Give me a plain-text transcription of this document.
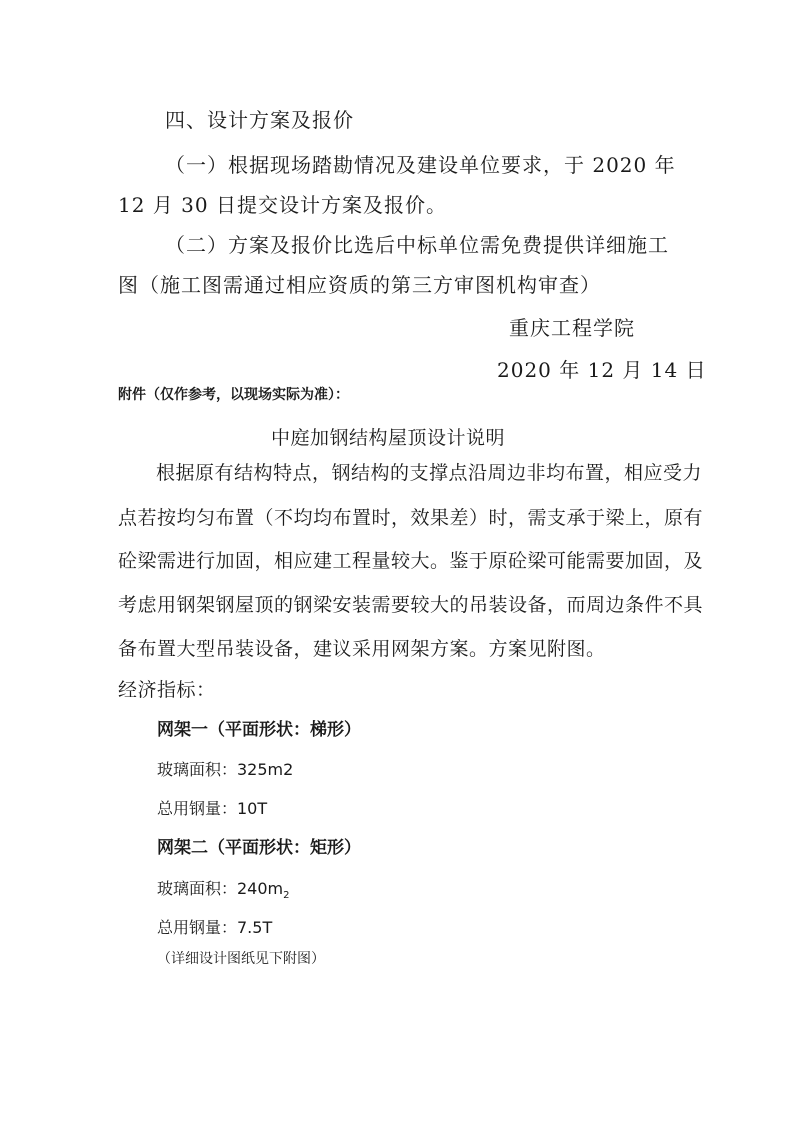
四、设计方案及报价
（一）根据现场踏勘情况及建设单位要求，于 2020 年
12 月 30 日提交设计方案及报价。
（二）方案及报价比选后中标单位需免费提供详细施工
图（施工图需通过相应资质的第三方审图机构审查）
重庆工程学院
2020 年 12 月 14 日
附件（仅作参考，以现场实际为准）：
中庭加钢结构屋顶设计说明
根据原有结构特点，钢结构的支撑点沿周边非均布置，相应受力
点若按均匀布置（不均均布置时，效果差）时，需支承于梁上，原有
砼梁需进行加固，相应建工程量较大。鉴于原砼梁可能需要加固，及
考虑用钢架钢屋顶的钢梁安装需要较大的吊装设备，而周边条件不具
备布置大型吊装设备，建议采用网架方案。方案见附图。
经济指标：
网架一（平面形状：梯形）
玻璃面积：325m2
总用钢量：10T
网架二（平面形状：矩形）
玻璃面积：$240m_2$
总用钢量：7.5T
（详细设计图纸见下附图）
